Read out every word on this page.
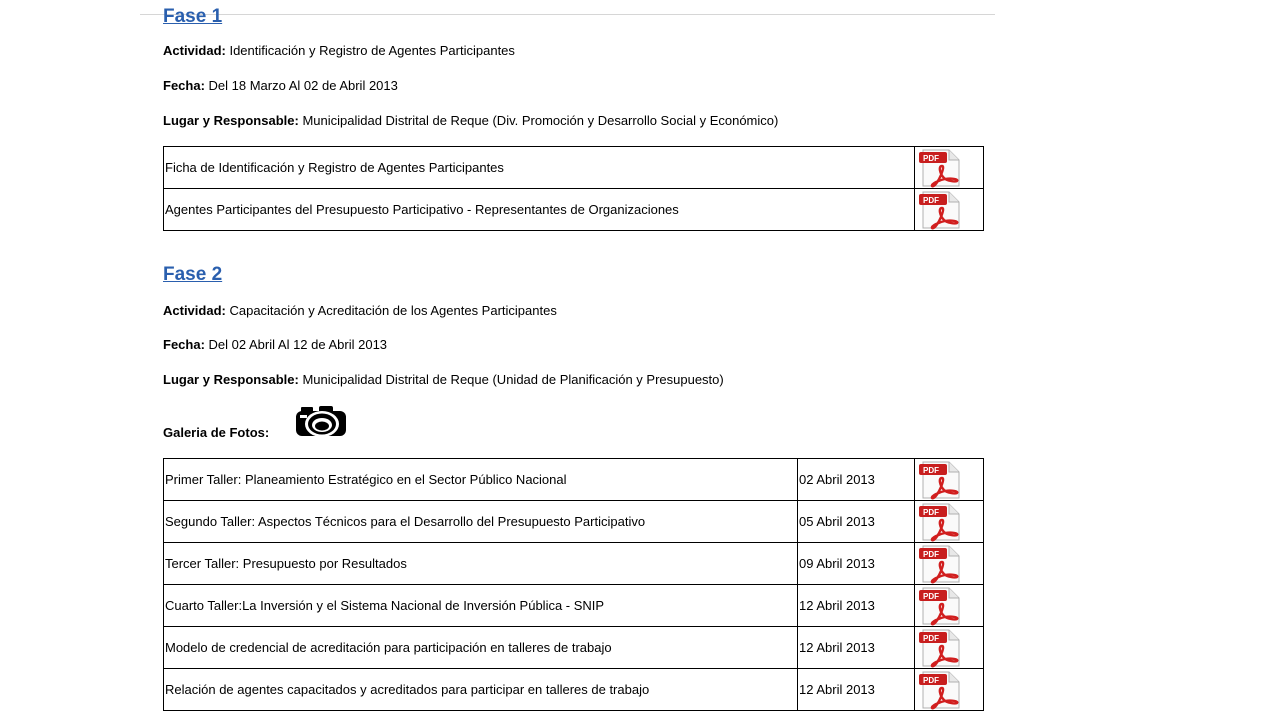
Fase 1
Actividad: Identificación y Registro de Agentes Participantes
Fecha: Del 18 Marzo Al 02 de Abril 2013
Lugar y Responsable: Municipalidad Distrital de Reque (Div. Promoción y Desarrollo Social y Económico)
Ficha de Identificación y Registro de Agentes Participantes	

Agentes Participantes del Presupuesto Participativo - Representantes de Organizaciones	
Fase 2
Actividad: Capacitación y Acreditación de los Agentes Participantes
Fecha: Del 02 Abril Al 12 de Abril 2013
Lugar y Responsable: Municipalidad Distrital de Reque (Unidad de Planificación y Presupuesto)
Galeria de Fotos:
Primer Taller: Planeamiento Estratégico en el Sector Público Nacional	02 Abril 2013	

Segundo Taller: Aspectos Técnicos para el Desarrollo del Presupuesto Participativo	05 Abril 2013	

Tercer Taller: Presupuesto por Resultados	09 Abril 2013	

Cuarto Taller:La Inversión y el Sistema Nacional de Inversión Pública - SNIP	12 Abril 2013	

Modelo de credencial de acreditación para participación en talleres de trabajo	12 Abril 2013	

Relación de agentes capacitados y acreditados para participar en talleres de trabajo	12 Abril 2013	
